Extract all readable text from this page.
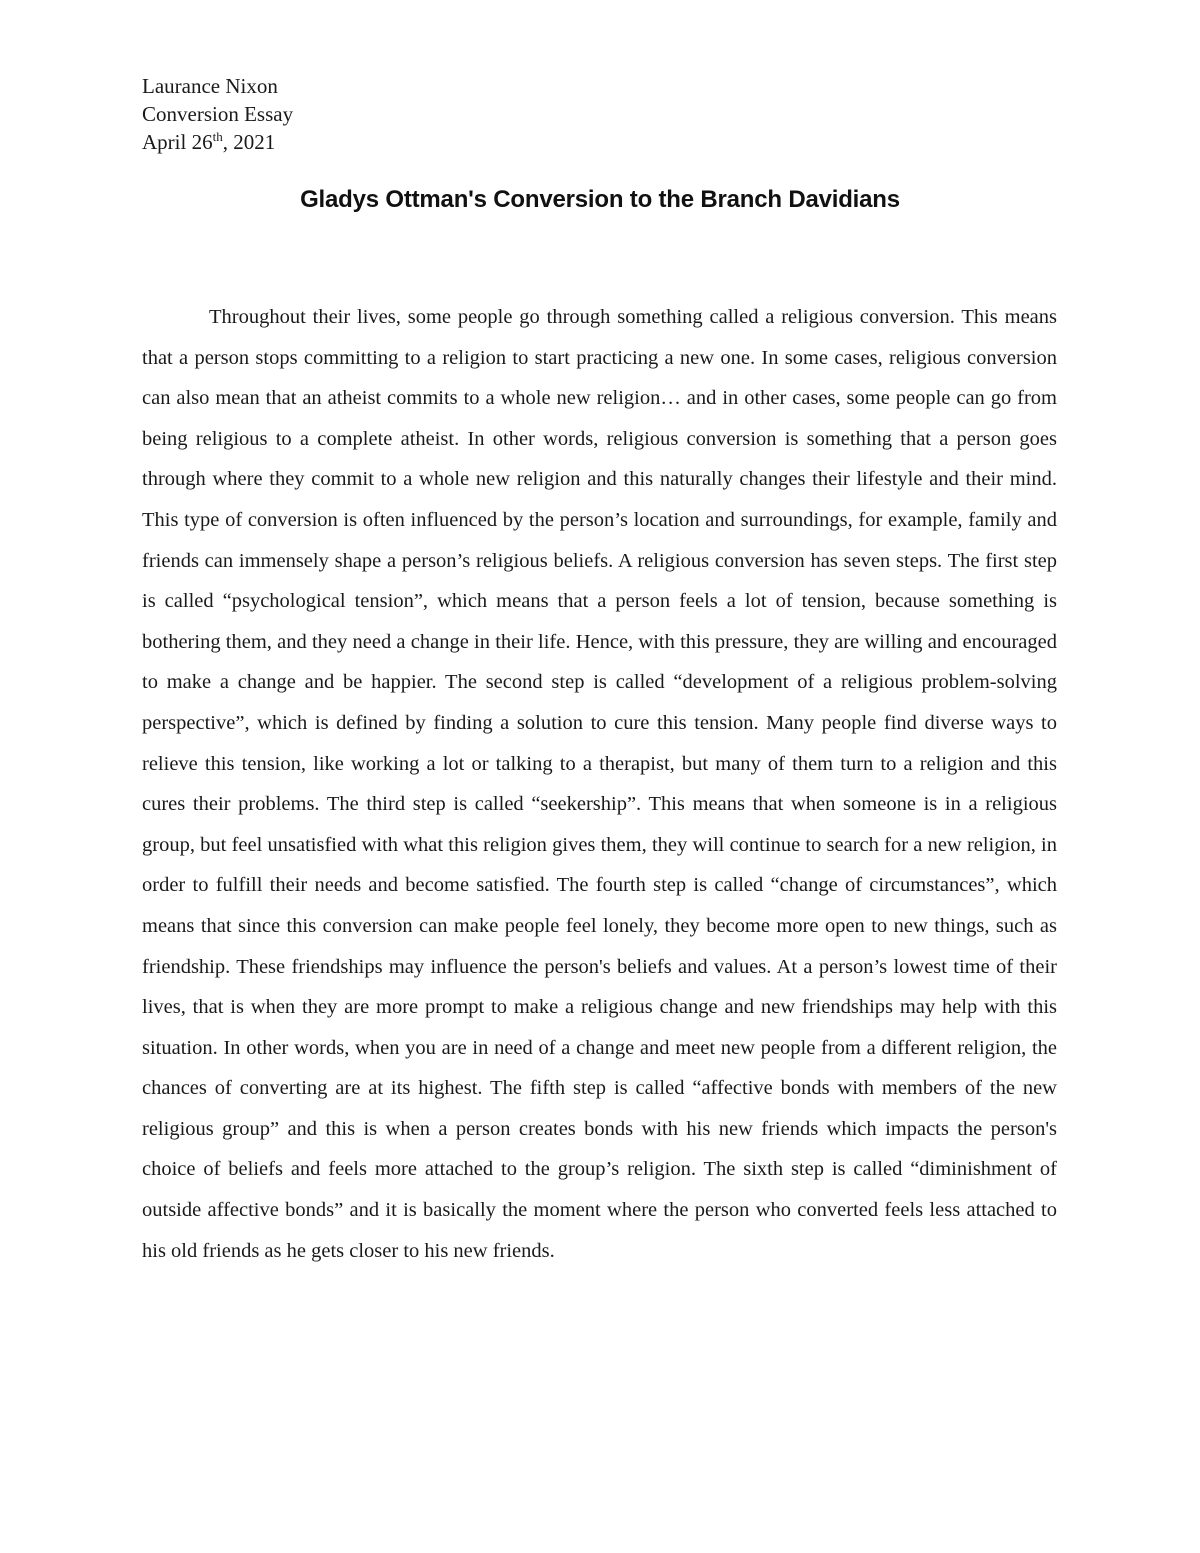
Laurance Nixon
Conversion Essay
April 26th, 2021
Gladys Ottman's Conversion to the Branch Davidians

Throughout their lives, some people go through something called a religious conversion. This means that a person stops committing to a religion to start practicing a new one. In some cases, religious conversion can also mean that an atheist commits to a whole new religion… and in other cases, some people can go from being religious to a complete atheist. In other words, religious conversion is something that a person goes through where they commit to a whole new religion and this naturally changes their lifestyle and their mind. This type of conversion is often influenced by the person’s location and surroundings, for example, family and friends can immensely shape a person’s religious beliefs. A religious conversion has seven steps. The first step is called “psychological tension”, which means that a person feels a lot of tension, because something is bothering them, and they need a change in their life. Hence, with this pressure, they are willing and encouraged to make a change and be happier. The second step is called “development of a religious problem-solving perspective”, which is defined by finding a solution to cure this tension. Many people find diverse ways to relieve this tension, like working a lot or talking to a therapist, but many of them turn to a religion and this cures their problems. The third step is called “seekership”. This means that when someone is in a religious group, but feel unsatisfied with what this religion gives them, they will continue to search for a new religion, in order to fulfill their needs and become satisfied. The fourth step is called “change of circumstances”, which means that since this conversion can make people feel lonely, they become more open to new things, such as friendship. These friendships may influence the person's beliefs and values. At a person’s lowest time of their lives, that is when they are more prompt to make a religious change and new friendships may help with this situation. In other words, when you are in need of a change and meet new people from a different religion, the chances of converting are at its highest. The fifth step is called “affective bonds with members of the new religious group” and this is when a person creates bonds with his new friends which impacts the person's choice of beliefs and feels more attached to the group’s religion. The sixth step is called “diminishment of outside affective bonds” and it is basically the moment where the person who converted feels less attached to his old friends as he gets closer to his new friends.
